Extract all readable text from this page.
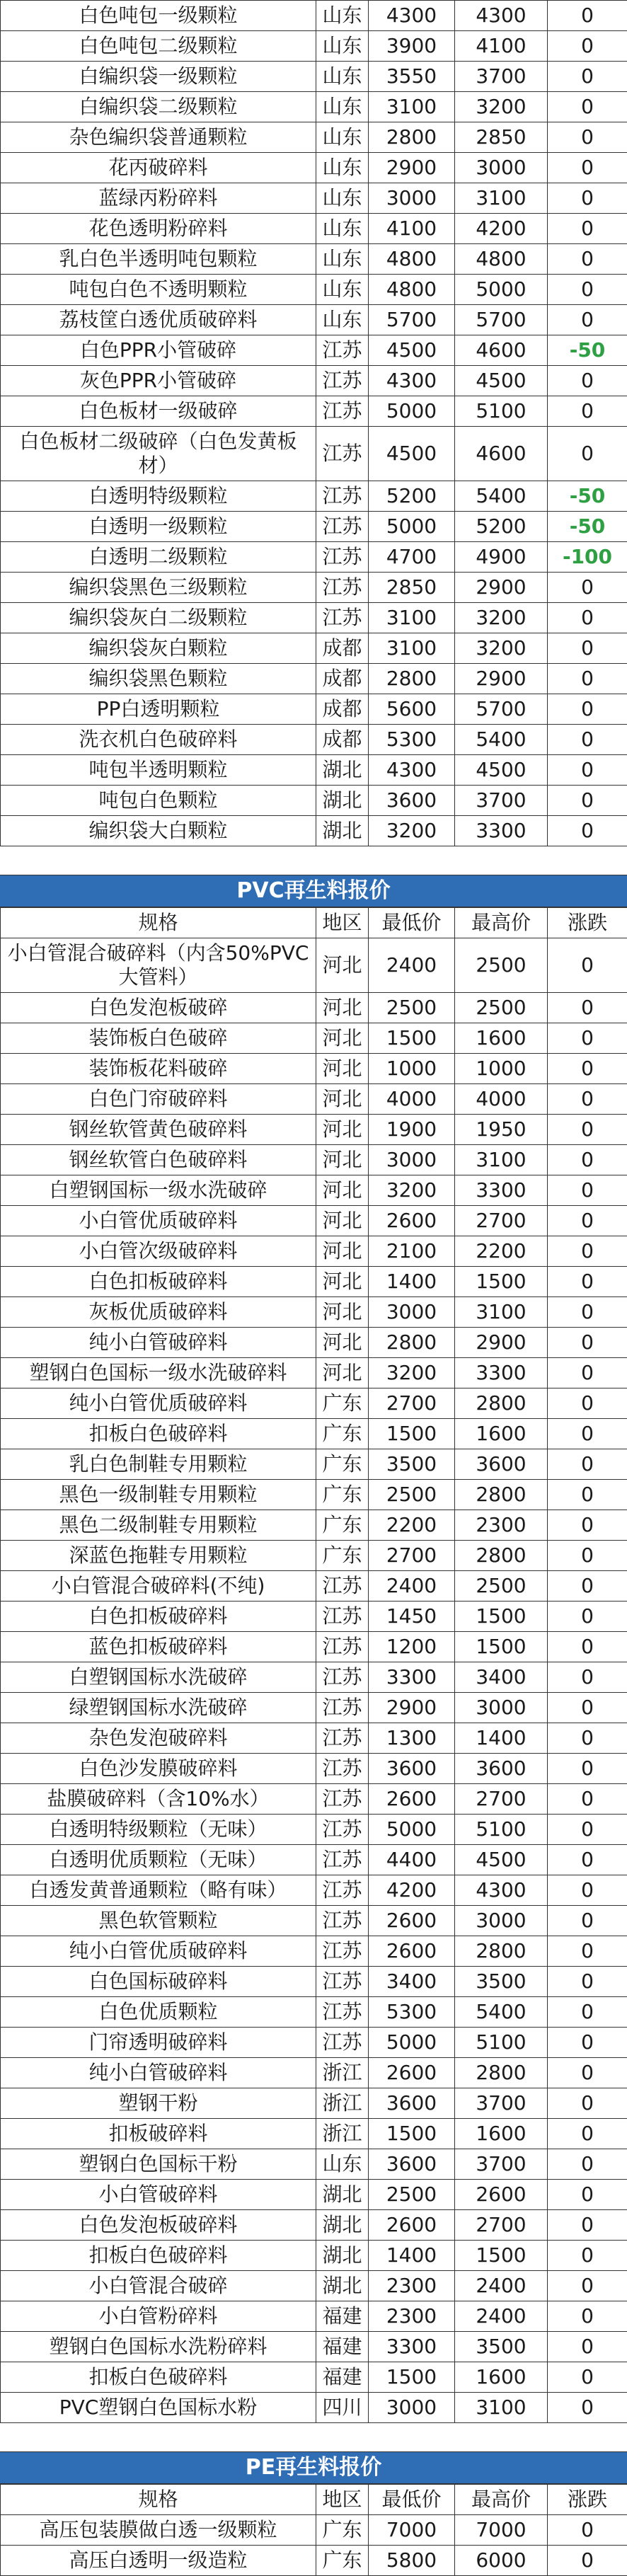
白色吨包一级颗粒	山东	4300	4300	0
白色吨包二级颗粒	山东	3900	4100	0
白编织袋一级颗粒	山东	3550	3700	0
白编织袋二级颗粒	山东	3100	3200	0
杂色编织袋普通颗粒	山东	2800	2850	0
花丙破碎料	山东	2900	3000	0
蓝绿丙粉碎料	山东	3000	3100	0
花色透明粉碎料	山东	4100	4200	0
乳白色半透明吨包颗粒	山东	4800	4800	0
吨包白色不透明颗粒	山东	4800	5000	0
荔枝筐白透优质破碎料	山东	5700	5700	0
白色PPR小管破碎	江苏	4500	4600	-50
灰色PPR小管破碎	江苏	4300	4500	0
白色板材一级破碎	江苏	5000	5100	0
白色板材二级破碎（白色发黄板材）	江苏	4500	4600	0
白透明特级颗粒	江苏	5200	5400	-50
白透明一级颗粒	江苏	5000	5200	-50
白透明二级颗粒	江苏	4700	4900	-100
编织袋黑色三级颗粒	江苏	2850	2900	0
编织袋灰白二级颗粒	江苏	3100	3200	0
编织袋灰白颗粒	成都	3100	3200	0
编织袋黑色颗粒	成都	2800	2900	0
PP白透明颗粒	成都	5600	5700	0
洗衣机白色破碎料	成都	5300	5400	0
吨包半透明颗粒	湖北	4300	4500	0
吨包白色颗粒	湖北	3600	3700	0
编织袋大白颗粒	湖北	3200	3300	0
PVC再生料报价
规格	地区	最低价	最高价	涨跌
小白管混合破碎料（内含50%PVC大管料）	河北	2400	2500	0
白色发泡板破碎	河北	2500	2500	0
装饰板白色破碎	河北	1500	1600	0
装饰板花料破碎	河北	1000	1000	0
白色门帘破碎料	河北	4000	4000	0
钢丝软管黄色破碎料	河北	1900	1950	0
钢丝软管白色破碎料	河北	3000	3100	0
白塑钢国标一级水洗破碎	河北	3200	3300	0
小白管优质破碎料	河北	2600	2700	0
小白管次级破碎料	河北	2100	2200	0
白色扣板破碎料	河北	1400	1500	0
灰板优质破碎料	河北	3000	3100	0
纯小白管破碎料	河北	2800	2900	0
塑钢白色国标一级水洗破碎料	河北	3200	3300	0
纯小白管优质破碎料	广东	2700	2800	0
扣板白色破碎料	广东	1500	1600	0
乳白色制鞋专用颗粒	广东	3500	3600	0
黑色一级制鞋专用颗粒	广东	2500	2800	0
黑色二级制鞋专用颗粒	广东	2200	2300	0
深蓝色拖鞋专用颗粒	广东	2700	2800	0
小白管混合破碎料(不纯)	江苏	2400	2500	0
白色扣板破碎料	江苏	1450	1500	0
蓝色扣板破碎料	江苏	1200	1500	0
白塑钢国标水洗破碎	江苏	3300	3400	0
绿塑钢国标水洗破碎	江苏	2900	3000	0
杂色发泡破碎料	江苏	1300	1400	0
白色沙发膜破碎料	江苏	3600	3600	0
盐膜破碎料（含10%水）	江苏	2600	2700	0
白透明特级颗粒（无味）	江苏	5000	5100	0
白透明优质颗粒（无味）	江苏	4400	4500	0
白透发黄普通颗粒（略有味）	江苏	4200	4300	0
黑色软管颗粒	江苏	2600	3000	0
纯小白管优质破碎料	江苏	2600	2800	0
白色国标破碎料	江苏	3400	3500	0
白色优质颗粒	江苏	5300	5400	0
门帘透明破碎料	江苏	5000	5100	0
纯小白管破碎料	浙江	2600	2800	0
塑钢干粉	浙江	3600	3700	0
扣板破碎料	浙江	1500	1600	0
塑钢白色国标干粉	山东	3600	3700	0
小白管破碎料	湖北	2500	2600	0
白色发泡板破碎料	湖北	2600	2700	0
扣板白色破碎料	湖北	1400	1500	0
小白管混合破碎	湖北	2300	2400	0
小白管粉碎料	福建	2300	2400	0
塑钢白色国标水洗粉碎料	福建	3300	3500	0
扣板白色破碎料	福建	1500	1600	0
PVC塑钢白色国标水粉	四川	3000	3100	0
PE再生料报价
规格	地区	最低价	最高价	涨跌
高压包装膜做白透一级颗粒	广东	7000	7000	0
高压白透明一级造粒	广东	5800	6000	0
